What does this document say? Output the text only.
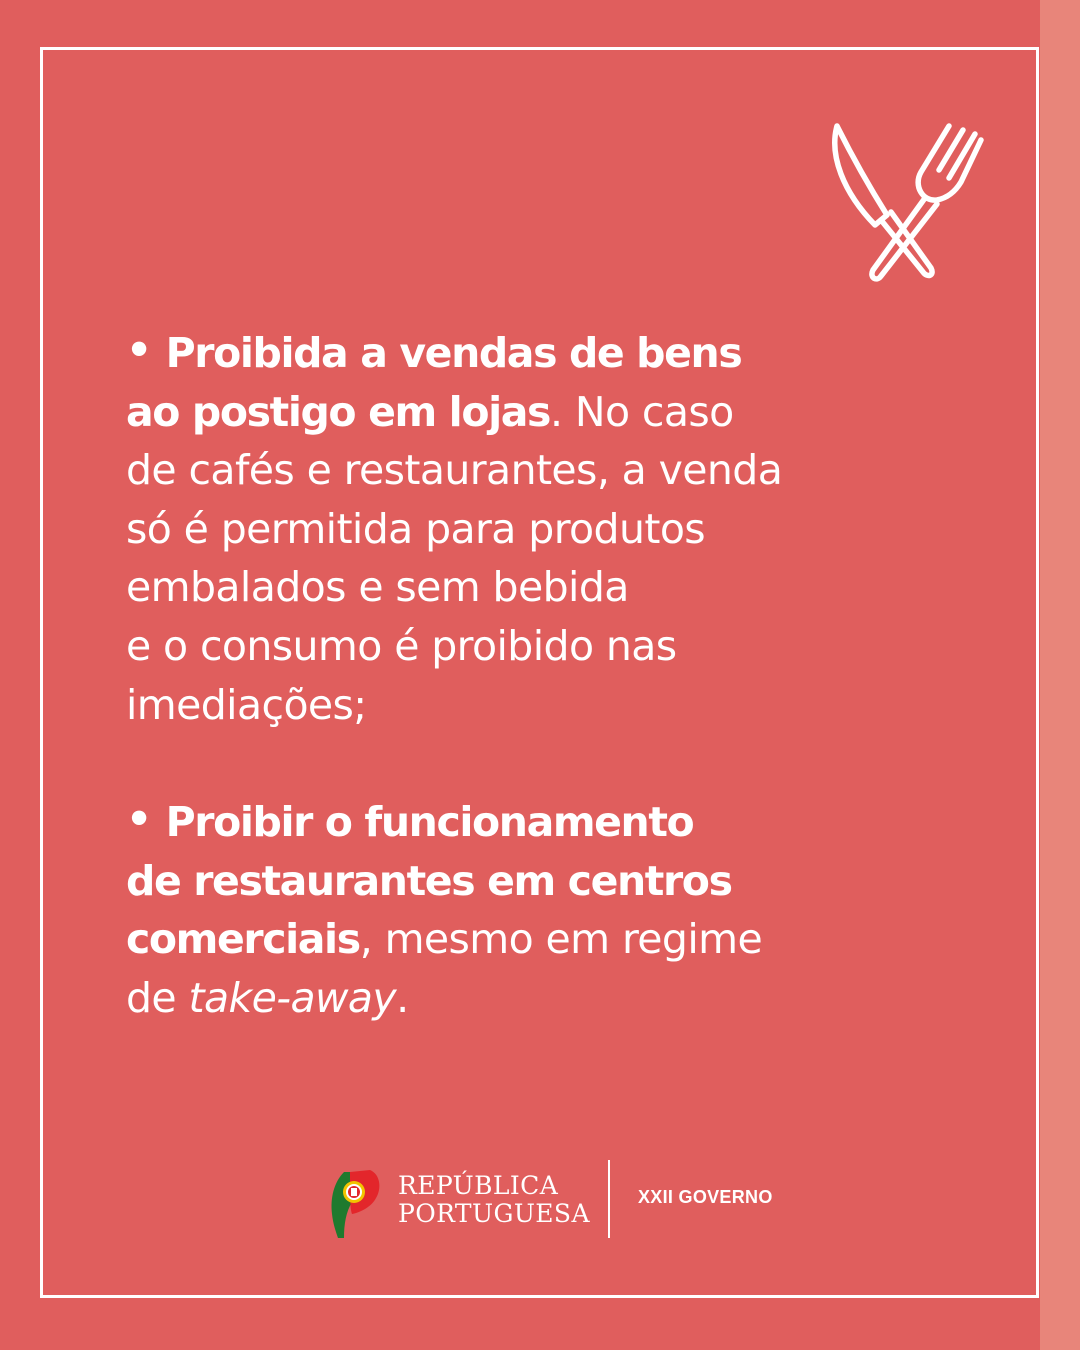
• Proibida a vendas de bens
ao postigo em lojas. No caso
de cafés e restaurantes, a venda
só é permitida para produtos
embalados e sem bebida
e o consumo é proibido nas
imediações;

• Proibir o funcionamento
de restaurantes em centros
comerciais, mesmo em regime
de take-away.

REPÚBLICA
PORTUGUESA
XXII GOVERNO
